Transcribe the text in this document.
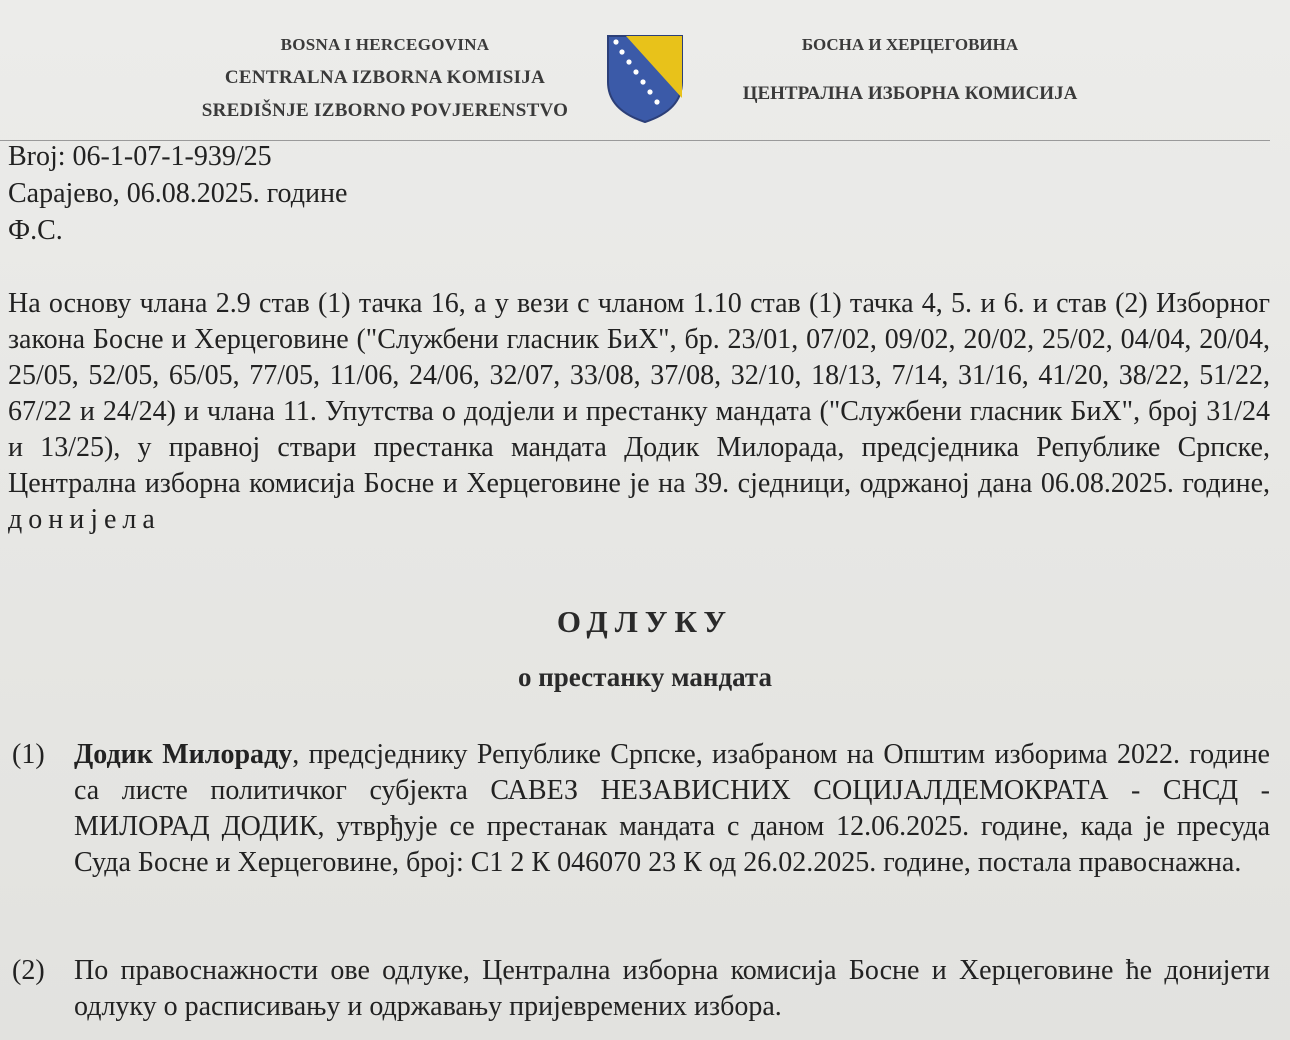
BOSNA I HERCEGOVINA
CENTRALNA IZBORNA KOMISIJA
SREDIŠNJE IZBORNO POVJERENSTVO
БОСНА И ХЕРЦЕГОВИНА
ЦЕНТРАЛНА ИЗБОРНА КОМИСИЈА
Broj: 06-1-07-1-939/25
Сарајево, 06.08.2025. године
Ф.С.
На основу члана 2.9 став (1) тачка 16, а у вези с чланом 1.10 став (1) тачка 4, 5. и 6. и став (2) Изборног закона Босне и Херцеговине ("Службени гласник БиХ", бр. 23/01, 07/02, 09/02, 20/02, 25/02, 04/04, 20/04, 25/05, 52/05, 65/05, 77/05, 11/06, 24/06, 32/07, 33/08, 37/08, 32/10, 18/13, 7/14, 31/16, 41/20, 38/22, 51/22, 67/22 и 24/24) и члана 11. Упутства о додјели и престанку мандата ("Службени гласник БиХ", број 31/24 и 13/25), у правној ствари престанка мандата Додик Милорада, предсједника Републике Српске, Централна изборна комисија Босне и Херцеговине је на 39. сједници, одржаној дана 06.08.2025. године,
донијела
ОДЛУКУ
о престанку мандата
(1) Додик Милораду, предсједнику Републике Српске, изабраном на Општим изборима 2022. године са листе политичког субјекта САВЕЗ НЕЗАВИСНИХ СОЦИЈАЛДЕМОКРАТА - СНСД - МИЛОРАД ДОДИК, утврђује се престанак мандата с даном 12.06.2025. године, када је пресуда Суда Босне и Херцеговине, број: С1 2 К 046070 23 К од 26.02.2025. године, постала правоснажна.
(2) По правоснажности ове одлуке, Централна изборна комисија Босне и Херцеговине ће донијети одлуку о расписивању и одржавању пријевремених избора.
